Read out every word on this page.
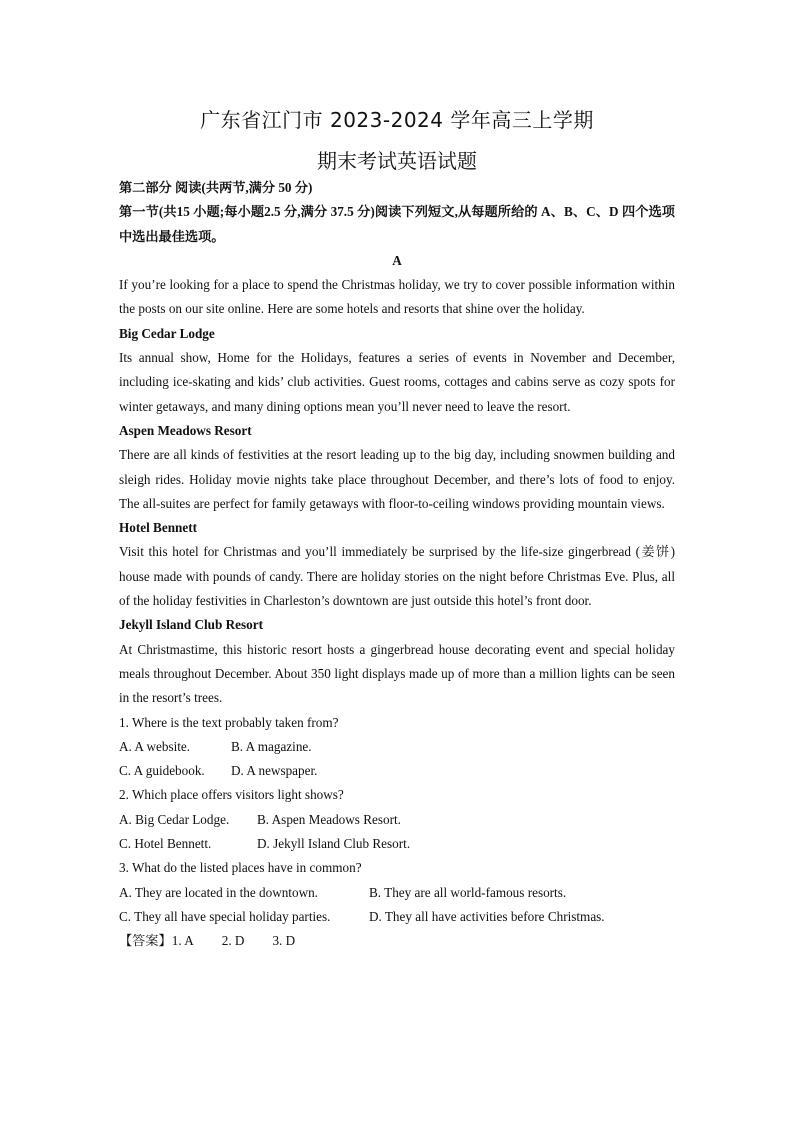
广东省江门市 2023-2024 学年高三上学期
期末考试英语试题

第二部分 阅读(共两节,满分 50 分)

第一节(共15 小题;每小题2.5 分,满分 37.5 分)阅读下列短文,从每题所给的 A、B、C、D 四个选项中选出最佳选项。

A

If you’re looking for a place to spend the Christmas holiday, we try to cover possible information within the posts on our site online. Here are some hotels and resorts that shine over the holiday.

Big Cedar Lodge

Its annual show, Home for the Holidays, features a series of events in November and December, including ice-skating and kids’ club activities. Guest rooms, cottages and cabins serve as cozy spots for winter getaways, and many dining options mean you’ll never need to leave the resort.

Aspen Meadows Resort

There are all kinds of festivities at the resort leading up to the big day, including snowmen building and sleigh rides. Holiday movie nights take place throughout December, and there’s lots of food to enjoy. The all-suites are perfect for family getaways with floor-to-ceiling windows providing mountain views.

Hotel Bennett

Visit this hotel for Christmas and you’ll immediately be surprised by the life-size gingerbread (姜饼) house made with pounds of candy. There are holiday stories on the night before Christmas Eve. Plus, all of the holiday festivities in Charleston’s downtown are just outside this hotel’s front door.

Jekyll Island Club Resort

At Christmastime, this historic resort hosts a gingerbread house decorating event and special holiday meals throughout December. About 350 light displays made up of more than a million lights can be seen in the resort’s trees.

1. Where is the text probably taken from?

A. A website.	B. A magazine.
C. A guidebook.	D. A newspaper.

2. Which place offers visitors light shows?

A. Big Cedar Lodge.	B. Aspen Meadows Resort.
C. Hotel Bennett.	D. Jekyll Island Club Resort.

3. What do the listed places have in common?

A. They are located in the downtown.	B. They are all world-famous resorts.
C. They all have special holiday parties.	D. They all have activities before Christmas.

【答案】1. A 2. D 3. D
